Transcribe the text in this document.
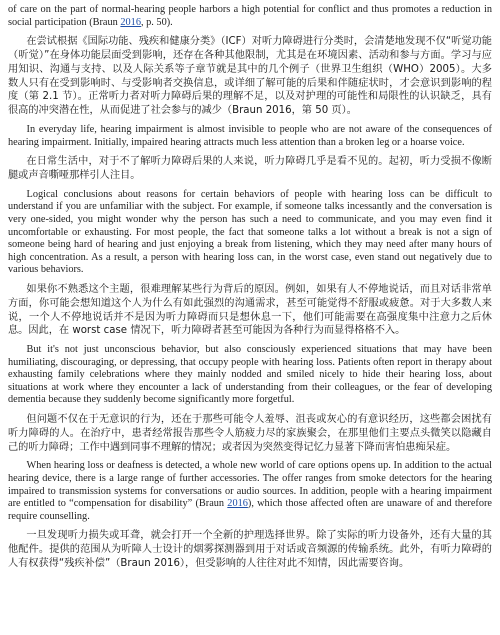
of care on the part of normal-hearing people harbors a high potential for conflict and thus promotes a reduction in social participation (Braun 2016, p. 50).

在尝试根据《国际功能、残疾和健康分类》（ICF）对听力障碍进行分类时，会清楚地发现不仅“听觉功能（听觉）”在身体功能层面受到影响，还存在各种其他限制，尤其是在环境因素、活动和参与方面。学习与应用知识、沟通与支持、以及人际关系等子章节就是其中的几个例子（世界卫生组织（WHO）2005）。大多数人只有在受到影响时、与受影响者交换信息，或详细了解可能的后果和伴随症状时，才会意识到影响的程度（第 2.1 节）。正常听力者对听力障碍后果的理解不足，以及对护理的可能性和局限性的认识缺乏，具有很高的冲突潜在性，从而促进了社会参与的减少（Braun 2016，第 50 页）。

In everyday life, hearing impairment is almost invisible to people who are not aware of the consequences of hearing impairment. Initially, impaired hearing attracts much less attention than a broken leg or a hoarse voice.

在日常生活中，对于不了解听力障碍后果的人来说，听力障碍几乎是看不见的。起初，听力受损不像断腿或声音嘶哑那样引人注目。

Logical conclusions about reasons for certain behaviors of people with hearing loss can be difficult to understand if you are unfamiliar with the subject. For example, if someone talks incessantly and the conversation is very one-sided, you might wonder why the person has such a need to communicate, and you may even find it uncomfortable or exhausting. For most people, the fact that someone talks a lot without a break is not a sign of someone being hard of hearing and just enjoying a break from listening, which they may need after many hours of high concentration. As a result, a person with hearing loss can, in the worst case, even stand out negatively due to various behaviors.

如果你不熟悉这个主题，很难理解某些行为背后的原因。例如，如果有人不停地说话，而且对话非常单方面，你可能会想知道这个人为什么有如此强烈的沟通需求，甚至可能觉得不舒服或疲惫。对于大多数人来说，一个人不停地说话并不是因为听力障碍而只是想休息一下，他们可能需要在高强度集中注意力之后休息。因此，在 worst case 情况下，听力障碍者甚至可能因为各种行为而显得格格不入。

But it's not just unconscious behavior, but also consciously experienced situations that may have been humiliating, discouraging, or depressing, that occupy people with hearing loss. Patients often report in therapy about exhausting family celebrations where they mainly nodded and smiled nicely to hide their hearing loss, about situations at work where they encounter a lack of understanding from their colleagues, or the fear of developing dementia because they suddenly become significantly more forgetful.

但问题不仅在于无意识的行为，还在于那些可能令人羞辱、沮丧或灰心的有意识经历，这些都会困扰有听力障碍的人。在治疗中，患者经常报告那些令人筋疲力尽的家族聚会，在那里他们主要点头微笑以隐藏自己的听力障碍；工作中遇到同事不理解的情况；或者因为突然变得记忆力显著下降而害怕患痴呆症。

When hearing loss or deafness is detected, a whole new world of care options opens up. In addition to the actual hearing device, there is a large range of further accessories. The offer ranges from smoke detectors for the hearing impaired to transmission systems for conversations or audio sources. In addition, people with a hearing impairment are entitled to “compensation for disability” (Braun 2016), which those affected often are unaware of and therefore require counselling.

一旦发现听力损失或耳聋，就会打开一个全新的护理选择世界。除了实际的听力设备外，还有大量的其他配件。提供的范围从为听障人士设计的烟雾探测器到用于对话或音频源的传输系统。此外，有听力障碍的人有权获得“残疾补偿”（Braun 2016），但受影响的人往往对此不知情，因此需要咨询。
